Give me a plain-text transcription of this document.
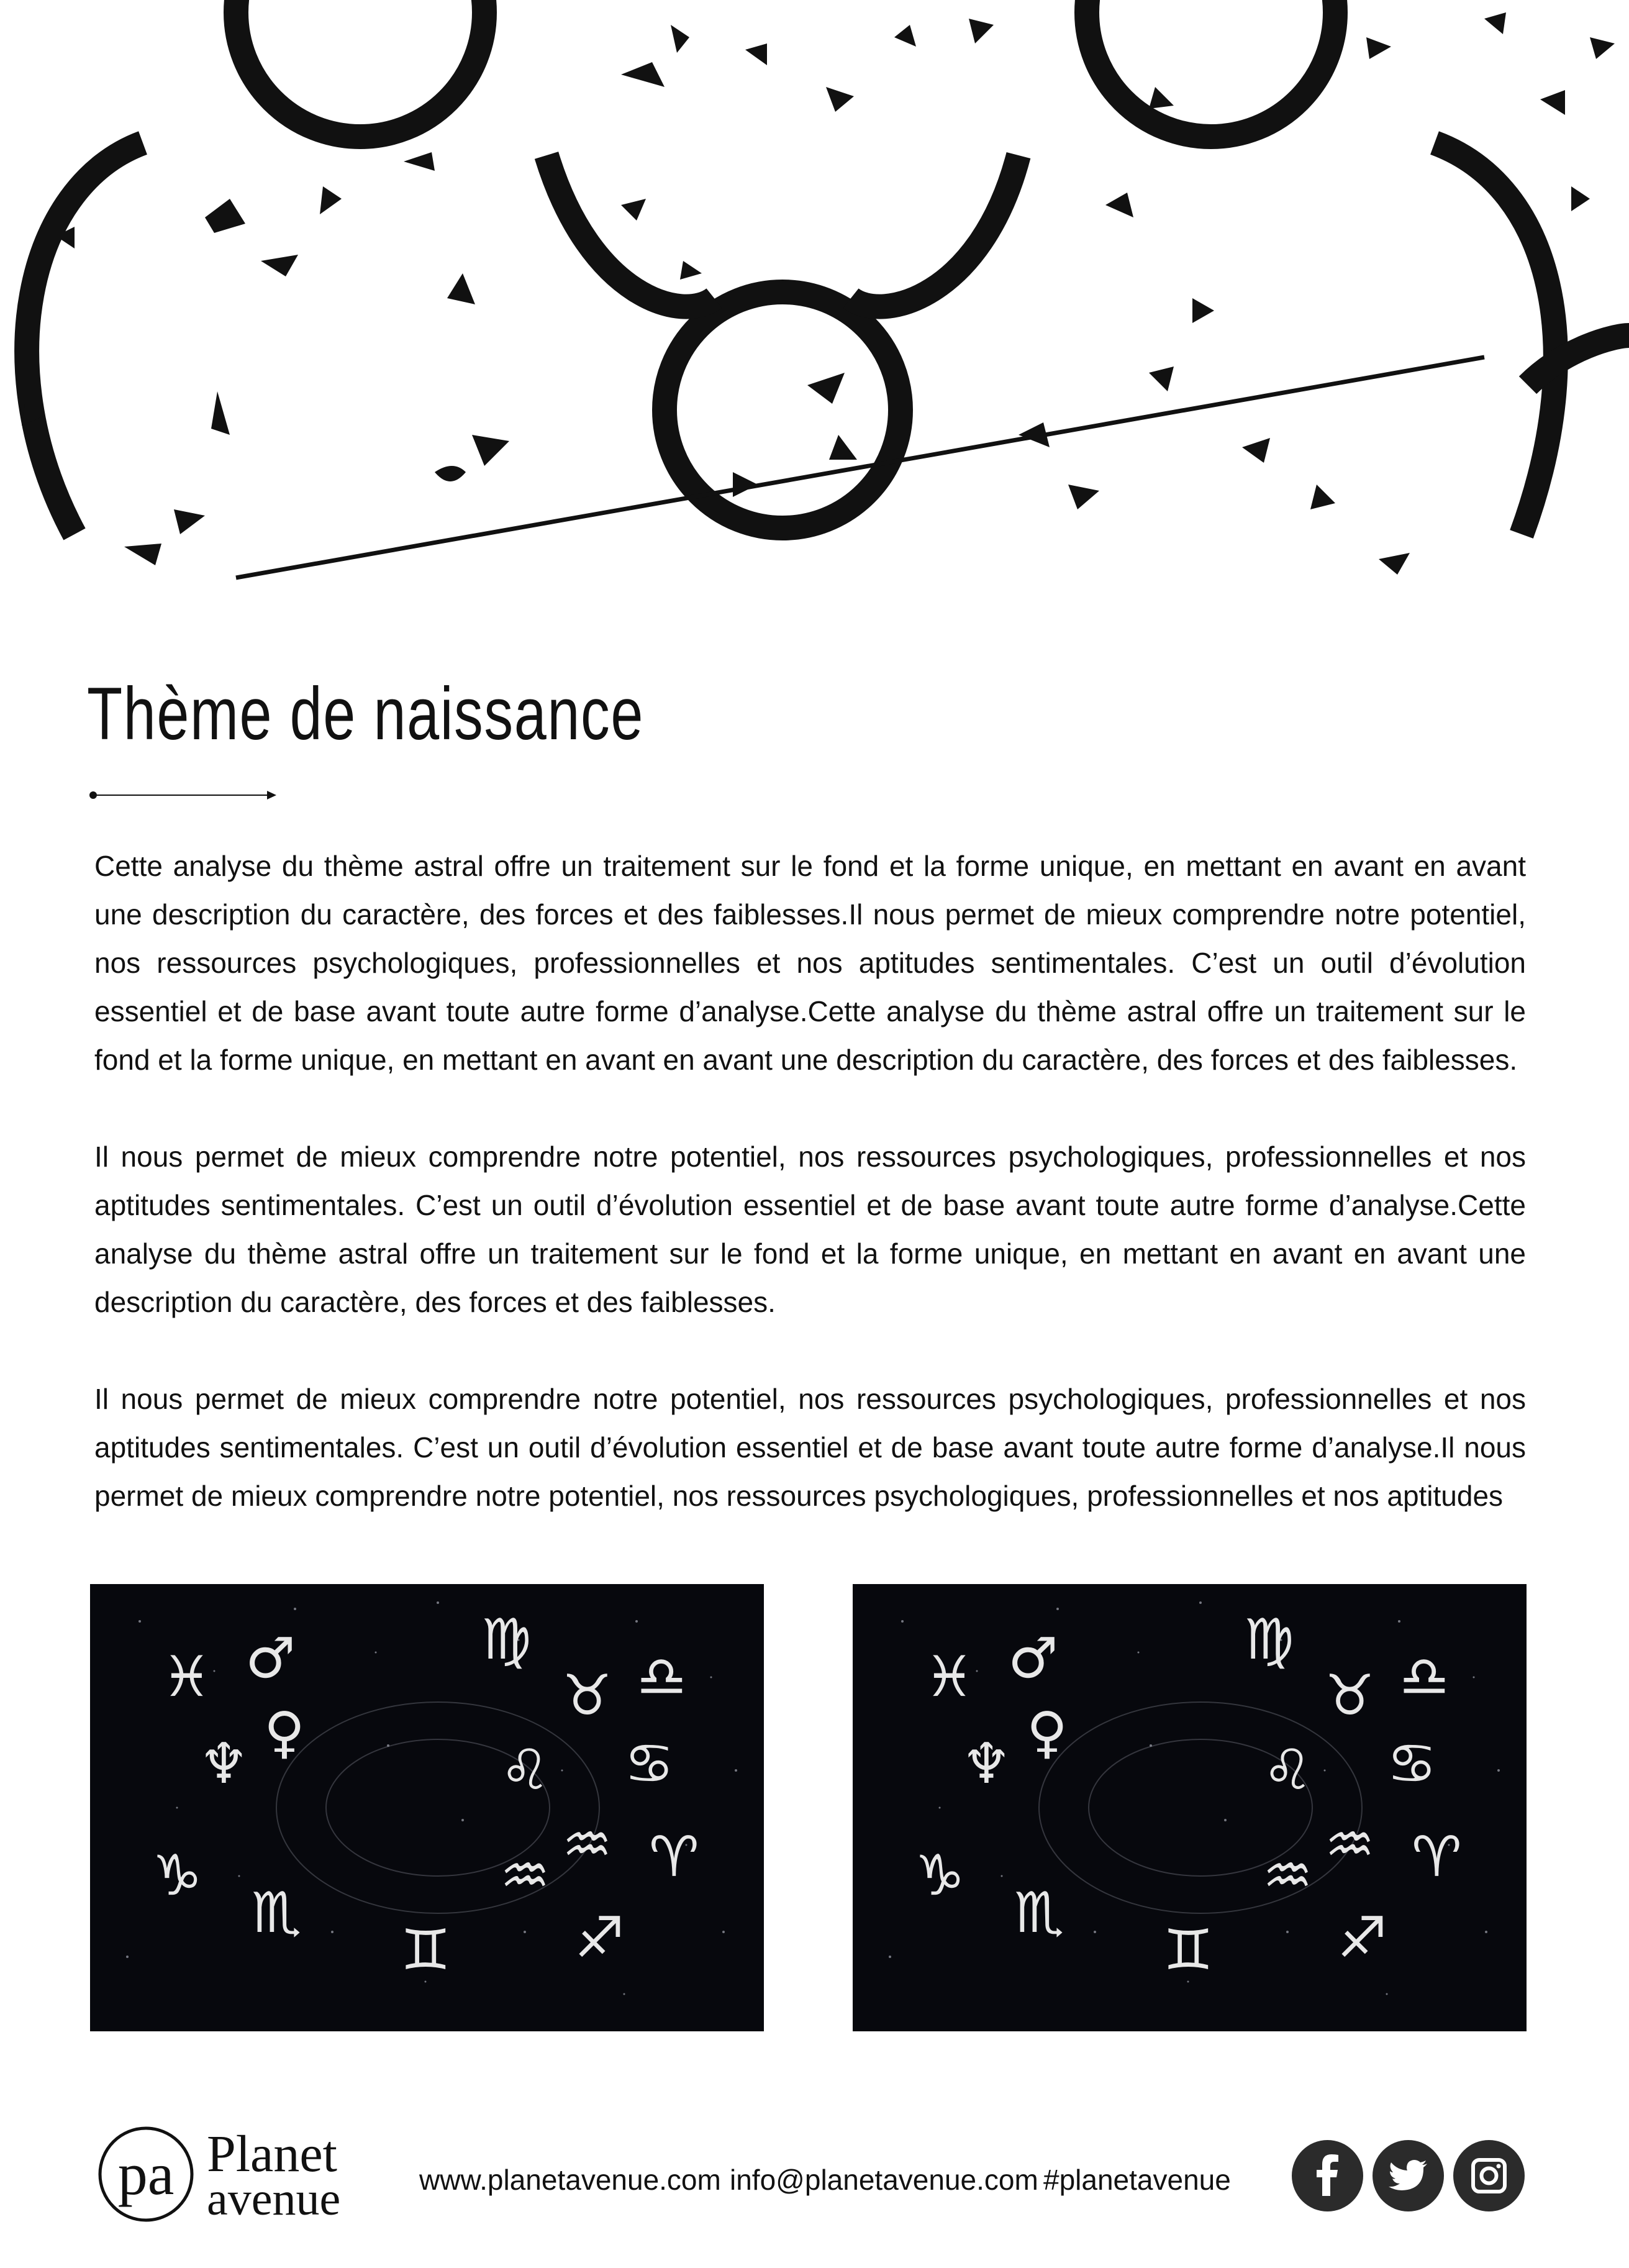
Thème de naissance

Cette analyse du thème astral offre un traitement sur le fond et la forme unique, en mettant en avant en avant une description du caractère, des forces et des faiblesses.Il nous permet de mieux comprendre notre potentiel, nos ressources psychologiques, professionnelles et nos aptitudes sentimentales. C’est un outil d’évolution essentiel et de base avant toute autre forme d’analyse.Cette analyse du thème astral offre un traitement sur le fond et la forme unique, en mettant en avant en avant une description du caractère, des forces et des faiblesses.

Il nous permet de mieux comprendre notre potentiel, nos ressources psychologiques, professionnelles et nos aptitudes sentimentales. C’est un outil d’évolution essentiel et de base avant toute autre forme d’analyse.Cette analyse du thème astral offre un traitement sur le fond et la forme unique, en mettant en avant en avant une description du caractère, des forces et des faiblesses.

Il nous permet de mieux comprendre notre potentiel, nos ressources psychologiques, professionnelles et nos aptitudes sentimentales. C’est un outil d’évolution essentiel et de base avant toute autre forme d’analyse.Il nous permet de mieux comprendre notre potentiel, nos ressources psychologiques, professionnelles et nos aptitudes

♓ ♂	♍
♉ ♎
♀
♆	♌ ♋
♑
♏
♊
♒ ♒ ♈
♐
♓ ♂	♍
♉ ♎
♀
♆	♌ ♋
♑
♏
♊
♒ ♒ ♈
♐
pa Planet
avenue	www.planetavenue.com info@planetavenue.com #planetavenue
